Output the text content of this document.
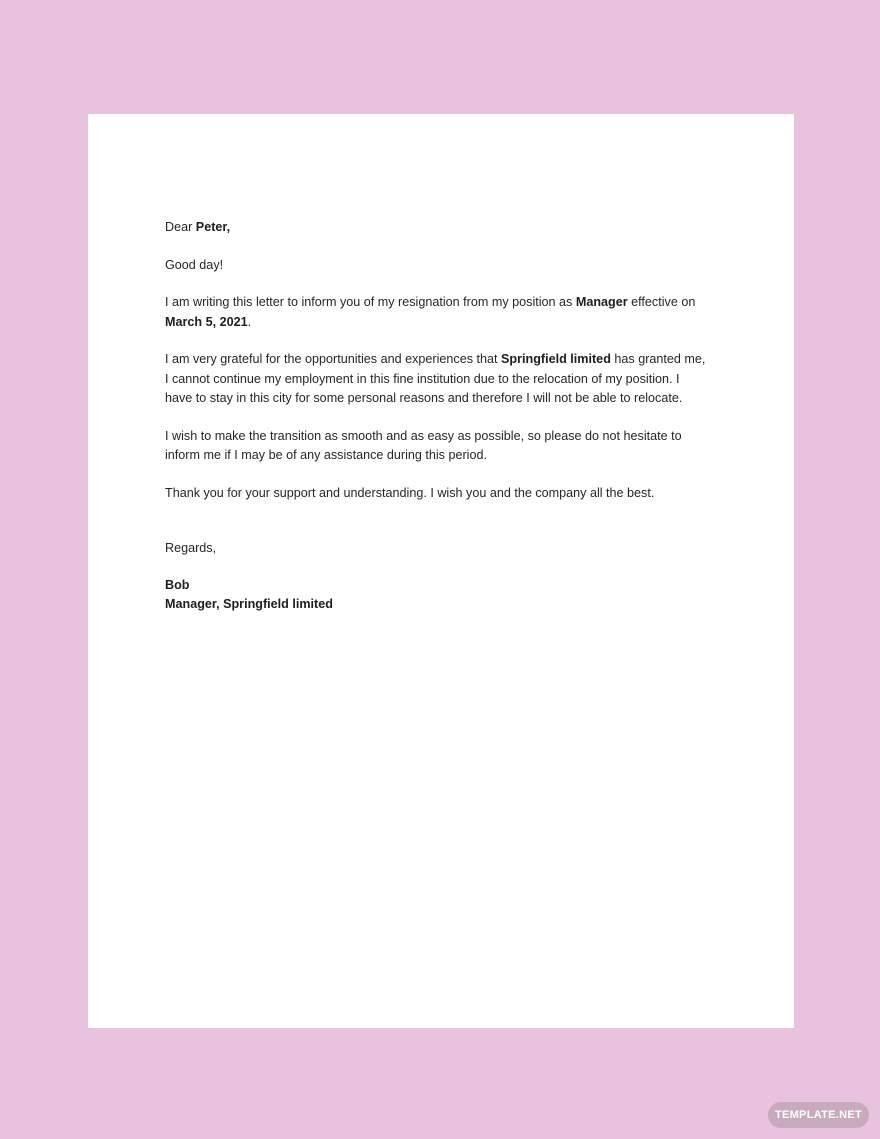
Dear Peter,

Good day!

I am writing this letter to inform you of my resignation from my position as Manager effective on March 5, 2021.

I am very grateful for the opportunities and experiences that Springfield limited has granted me, I cannot continue my employment in this fine institution due to the relocation of my position. I have to stay in this city for some personal reasons and therefore I will not be able to relocate.

I wish to make the transition as smooth and as easy as possible, so please do not hesitate to inform me if I may be of any assistance during this period.

Thank you for your support and understanding. I wish you and the company all the best.

Regards,

Bob

Manager, Springfield limited

TEMPLATE.NET
